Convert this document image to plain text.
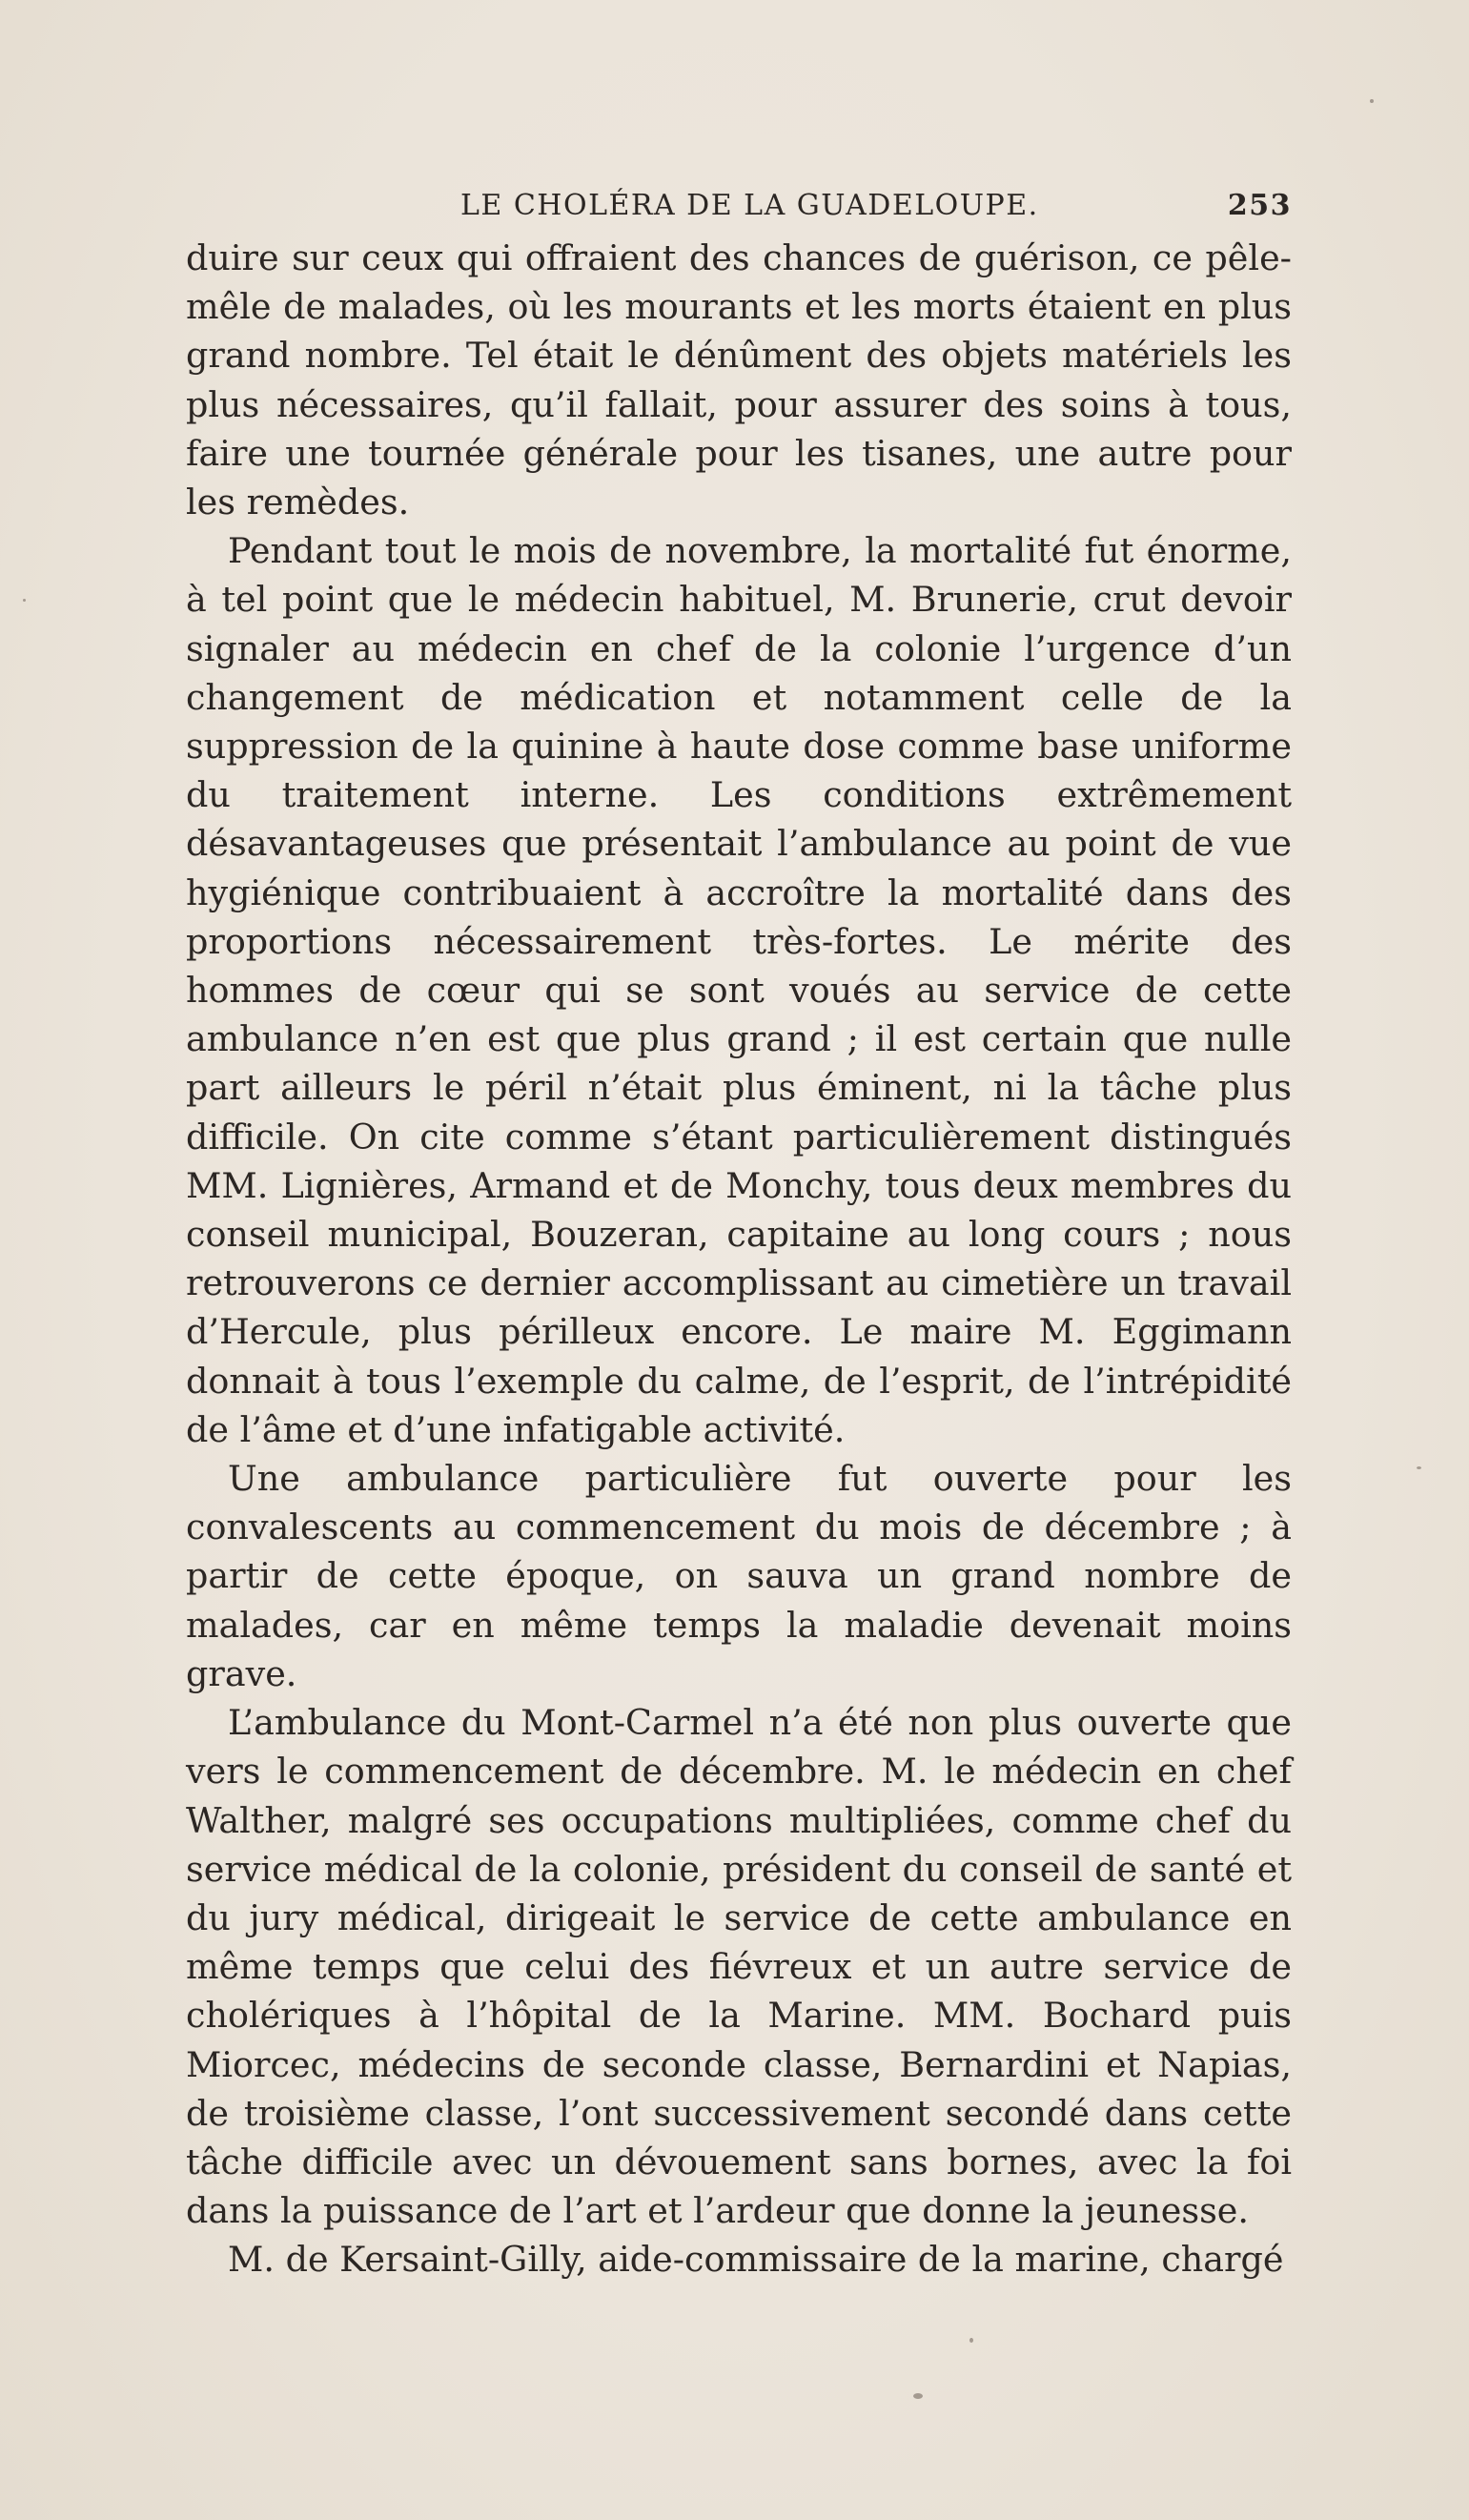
LE CHOLÉRA DE LA GUADELOUPE.	253

duire sur ceux qui offraient des chances de guérison, ce pêle-mêle de malades, où les mourants et les morts étaient en plus grand nombre. Tel était le dénûment des objets matériels les plus nécessaires, qu’il fallait, pour assurer des soins à tous, faire une tournée générale pour les tisanes, une autre pour les remèdes.

Pendant tout le mois de novembre, la mortalité fut énorme, à tel point que le médecin habituel, M. Brunerie, crut devoir signaler au médecin en chef de la colonie l’urgence d’un changement de médication et notamment celle de la suppression de la quinine à haute dose comme base uniforme du traitement interne. Les conditions extrêmement désavantageuses que présentait l’ambulance au point de vue hygiénique contribuaient à accroître la mortalité dans des proportions nécessairement très-fortes. Le mérite des hommes de cœur qui se sont voués au service de cette ambulance n’en est que plus grand ; il est certain que nulle part ailleurs le péril n’était plus éminent, ni la tâche plus difficile. On cite comme s’étant particulièrement distingués MM. Lignières, Armand et de Monchy, tous deux membres du conseil municipal, Bouzeran, capitaine au long cours ; nous retrouverons ce dernier accomplissant au cimetière un travail d’Hercule, plus périlleux encore. Le maire M. Eggimann donnait à tous l’exemple du calme, de l’esprit, de l’intrépidité de l’âme et d’une infatigable activité.

Une ambulance particulière fut ouverte pour les convalescents au commencement du mois de décembre ; à partir de cette époque, on sauva un grand nombre de malades, car en même temps la maladie devenait moins grave.

L’ambulance du Mont-Carmel n’a été non plus ouverte que vers le commencement de décembre. M. le médecin en chef Walther, malgré ses occupations multipliées, comme chef du service médical de la colonie, président du conseil de santé et du jury médical, dirigeait le service de cette ambulance en même temps que celui des fiévreux et un autre service de cholériques à l’hôpital de la Marine. MM. Bochard puis Miorcec, médecins de seconde classe, Bernardini et Napias, de troisième classe, l’ont successivement secondé dans cette tâche difficile avec un dévouement sans bornes, avec la foi dans la puissance de l’art et l’ardeur que donne la jeunesse.

M. de Kersaint-Gilly, aide-commissaire de la marine, chargé
